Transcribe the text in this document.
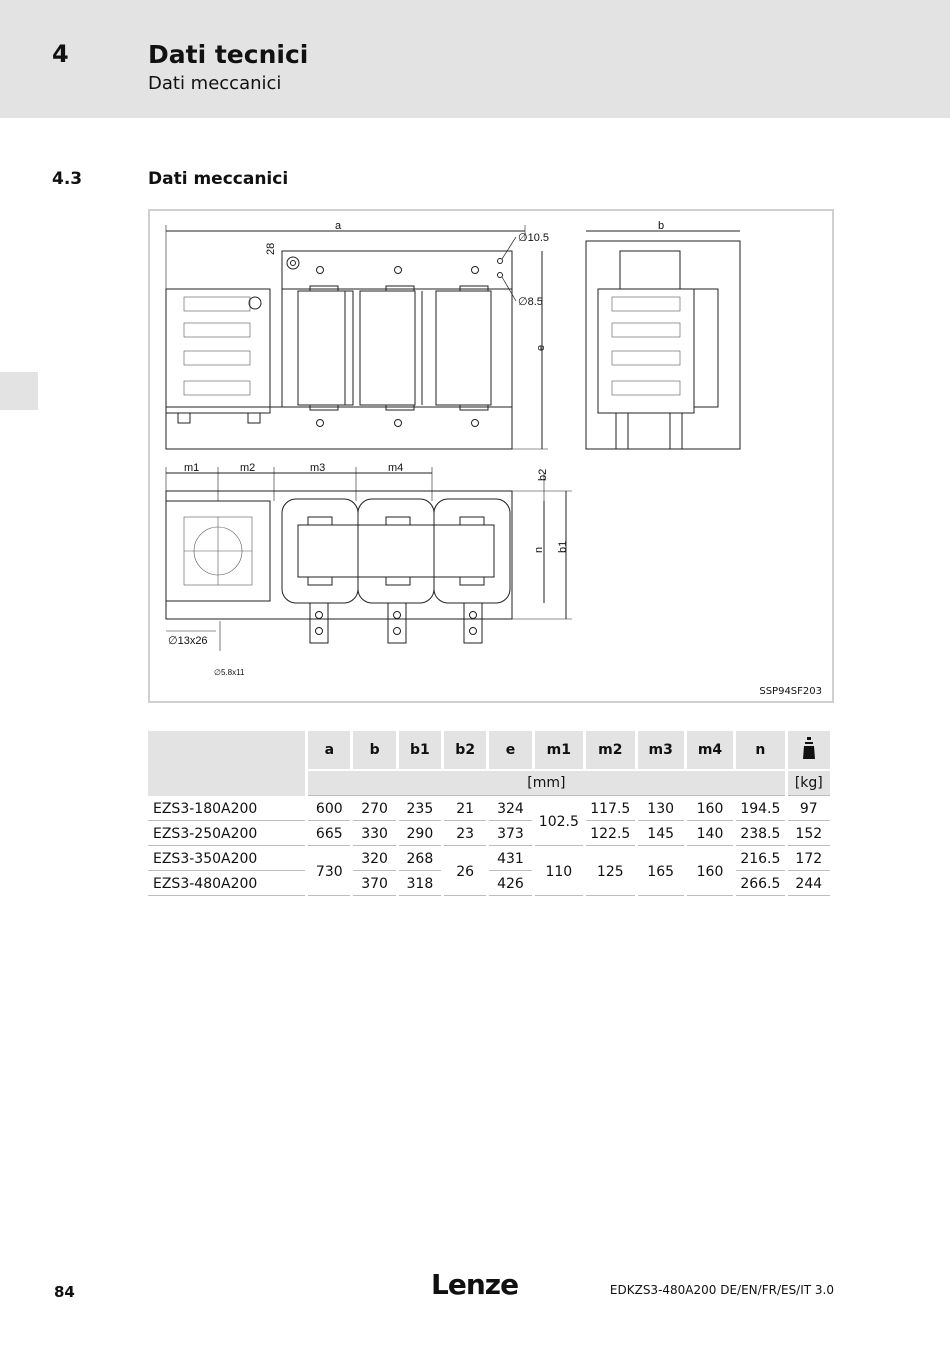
4	Dati tecnici
Dati meccanici
4.3	Dati meccanici
a
28
∅10.5
∅8.5
e
b
m1	m2	m3	m4
b2
n b1
∅13x26
∅5.8x11
SSP94SF203
	a	b	b1	b2	e	m1	m2	m3	m4	n	
	[mm]										[kg]
EZS3-180A200	600	270	235	21	324	102.5	117.5	130	160	194.5	97
EZS3-250A200	665	330	290	23	373		122.5	145	140	238.5	152
EZS3-350A200	730	320	268	26	431	110	125	165	160	216.5	172
EZS3-480A200		370	318		426					266.5	244
84	Lenze	EDKZS3-480A200 DE/EN/FR/ES/IT 3.0
